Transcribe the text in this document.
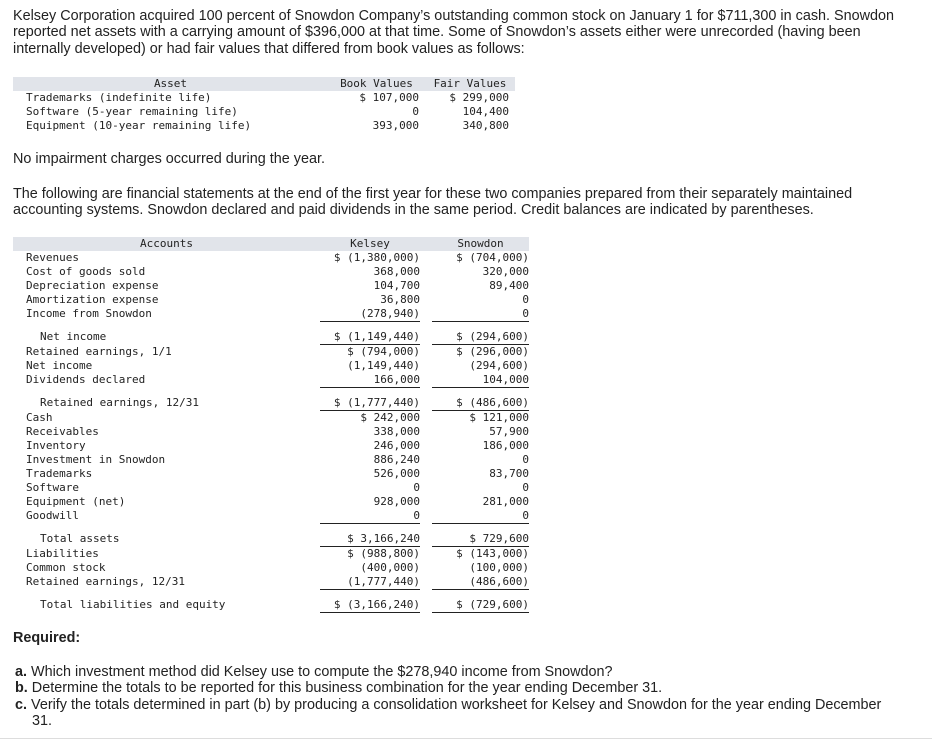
Kelsey Corporation acquired 100 percent of Snowdon Company’s outstanding common stock on January 1 for $711,300 in cash. Snowdon reported net assets with a carrying amount of $396,000 at that time. Some of Snowdon’s assets either were unrecorded (having been internally developed) or had fair values that differed from book values as follows:

Asset	Book Values	Fair Values
Trademarks (indefinite life)	$ 107,000	$ 299,000
Software (5-year remaining life)	0	104,400
Equipment (10-year remaining life)	393,000	340,800

No impairment charges occurred during the year.

The following are financial statements at the end of the first year for these two companies prepared from their separately maintained accounting systems. Snowdon declared and paid dividends in the same period. Credit balances are indicated by parentheses.

Accounts	Kelsey		Snowdon
Revenues	$ (1,380,000)		$ (704,000)
Cost of goods sold	368,000		320,000
Depreciation expense	104,700		89,400
Amortization expense	36,800		0
Income from Snowdon	(278,940)		0

Net income	$ (1,149,440)		$ (294,600)
Retained earnings, 1/1	$ (794,000)		$ (296,000)
Net income	(1,149,440)		(294,600)
Dividends declared	166,000		104,000

Retained earnings, 12/31	$ (1,777,440)		$ (486,600)
Cash	$ 242,000		$ 121,000
Receivables	338,000		57,900
Inventory	246,000		186,000
Investment in Snowdon	886,240		0
Trademarks	526,000		83,700
Software	0		0
Equipment (net)	928,000		281,000
Goodwill	0		0

Total assets	$ 3,166,240		$ 729,600
Liabilities	$ (988,800)		$ (143,000)
Common stock	(400,000)		(100,000)
Retained earnings, 12/31	(1,777,440)		(486,600)

Total liabilities and equity	$ (3,166,240)		$ (729,600)
Required:
a. Which investment method did Kelsey use to compute the $278,940 income from Snowdon?
b. Determine the totals to be reported for this business combination for the year ending December 31.
c. Verify the totals determined in part (b) by producing a consolidation worksheet for Kelsey and Snowdon for the year ending December 31.
